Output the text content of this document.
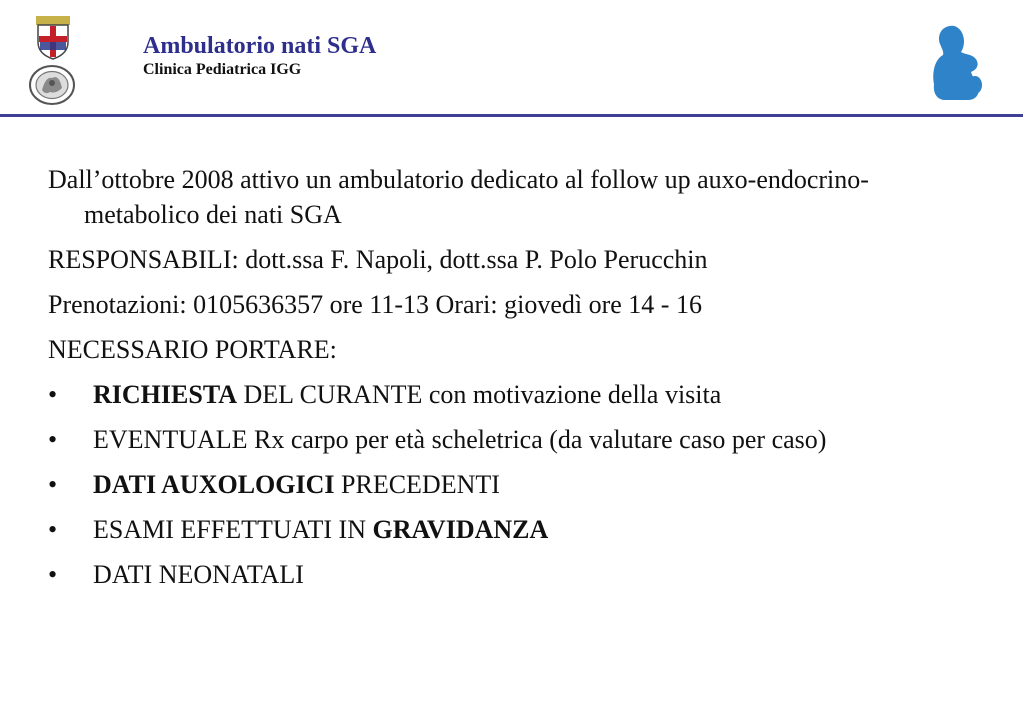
Ambulatorio nati SGA
Clinica Pediatrica IGG

Dall’ottobre 2008 attivo un ambulatorio dedicato al follow up auxo-endocrino-metabolico dei nati SGA

RESPONSABILI: dott.ssa F. Napoli, dott.ssa P. Polo Perucchin

Prenotazioni: 0105636357 ore 11-13 Orari: giovedì ore 14 - 16

NECESSARIO PORTARE:

• RICHIESTA DEL CURANTE con motivazione della visita
• EVENTUALE Rx carpo per età scheletrica (da valutare caso per caso)
• DATI AUXOLOGICI PRECEDENTI
• ESAMI EFFETTUATI IN GRAVIDANZA
• DATI NEONATALI
